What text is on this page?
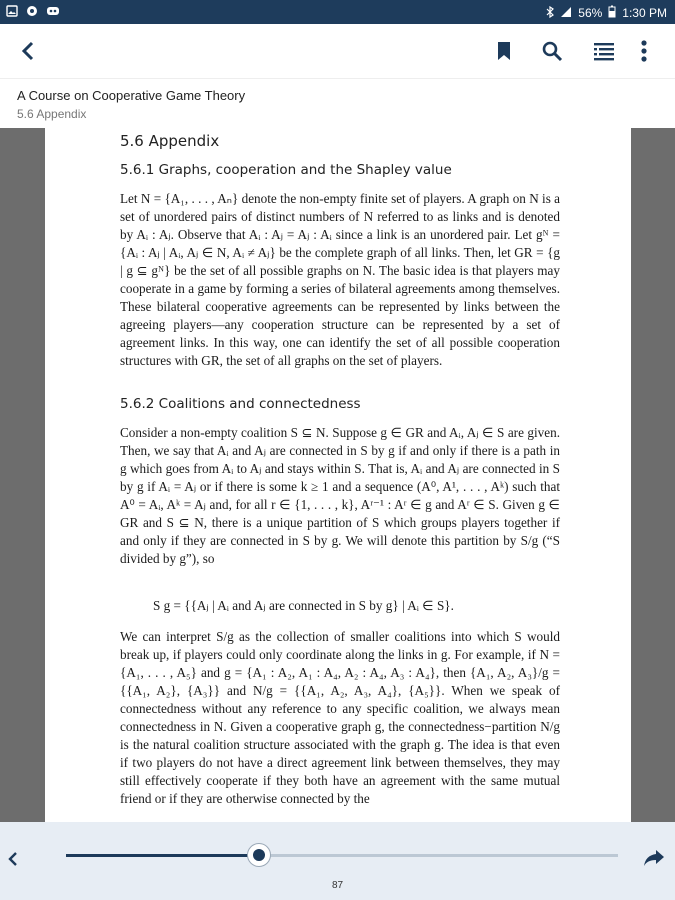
56% 1:30 PM
A Course on Cooperative Game Theory
5.6 Appendix
5.6 Appendix
5.6.1 Graphs, cooperation and the Shapley value
Let N = {A₁, . . . , Aₙ} denote the non-empty finite set of players. A graph on N is a set of unordered pairs of distinct numbers of N referred to as links and is denoted by Aᵢ : Aⱼ. Observe that Aᵢ : Aⱼ = Aⱼ : Aᵢ since a link is an unordered pair. Let gᴺ = {Aᵢ : Aⱼ | Aᵢ, Aⱼ ∈ N, Aᵢ ≠ Aⱼ} be the complete graph of all links. Then, let GR = {g | g ⊆ gᴺ} be the set of all possible graphs on N. The basic idea is that players may cooperate in a game by forming a series of bilateral agreements among themselves. These bilateral cooperative agreements can be represented by links between the agreeing players—any cooperation structure can be represented by a set of agreement links. In this way, one can identify the set of all possible cooperation structures with GR, the set of all graphs on the set of players.
5.6.2 Coalitions and connectedness
Consider a non-empty coalition S ⊆ N. Suppose g ∈ GR and Aᵢ, Aⱼ ∈ S are given. Then, we say that Aᵢ and Aⱼ are connected in S by g if and only if there is a path in g which goes from Aᵢ to Aⱼ and stays within S. That is, Aᵢ and Aⱼ are connected in S by g if Aᵢ = Aⱼ or if there is some k ≥ 1 and a sequence (A⁰, A¹, . . . , Aᵏ) such that A⁰ = Aᵢ, Aᵏ = Aⱼ and, for all r ∈ {1, . . . , k}, Aʳ⁻¹ : Aʳ ∈ g and Aʳ ∈ S. Given g ∈ GR and S ⊆ N, there is a unique partition of S which groups players together if and only if they are connected in S by g. We will denote this partition by S/g (“S divided by g”), so
S g = {{Aⱼ | Aᵢ and Aⱼ are connected in S by g} | Aᵢ ∈ S}.
We can interpret S/g as the collection of smaller coalitions into which S would break up, if players could only coordinate along the links in g. For example, if N = {A₁, . . . , A₅} and g = {A₁ : A₂, A₁ : A₄, A₂ : A₄, A₃ : A₄}, then {A₁, A₂, A₃}/g = {{A₁, A₂}, {A₃}} and N/g = {{A₁, A₂, A₃, A₄}, {A₅}}. When we speak of connectedness without any reference to any specific coalition, we always mean connectedness in N. Given a cooperative graph g, the connectedness−partition N/g is the natural coalition structure associated with the graph g. The idea is that even if two players do not have a direct agreement link between themselves, they may still effectively cooperate if they both have an agreement with the same mutual friend or if they are otherwise connected by the
87
